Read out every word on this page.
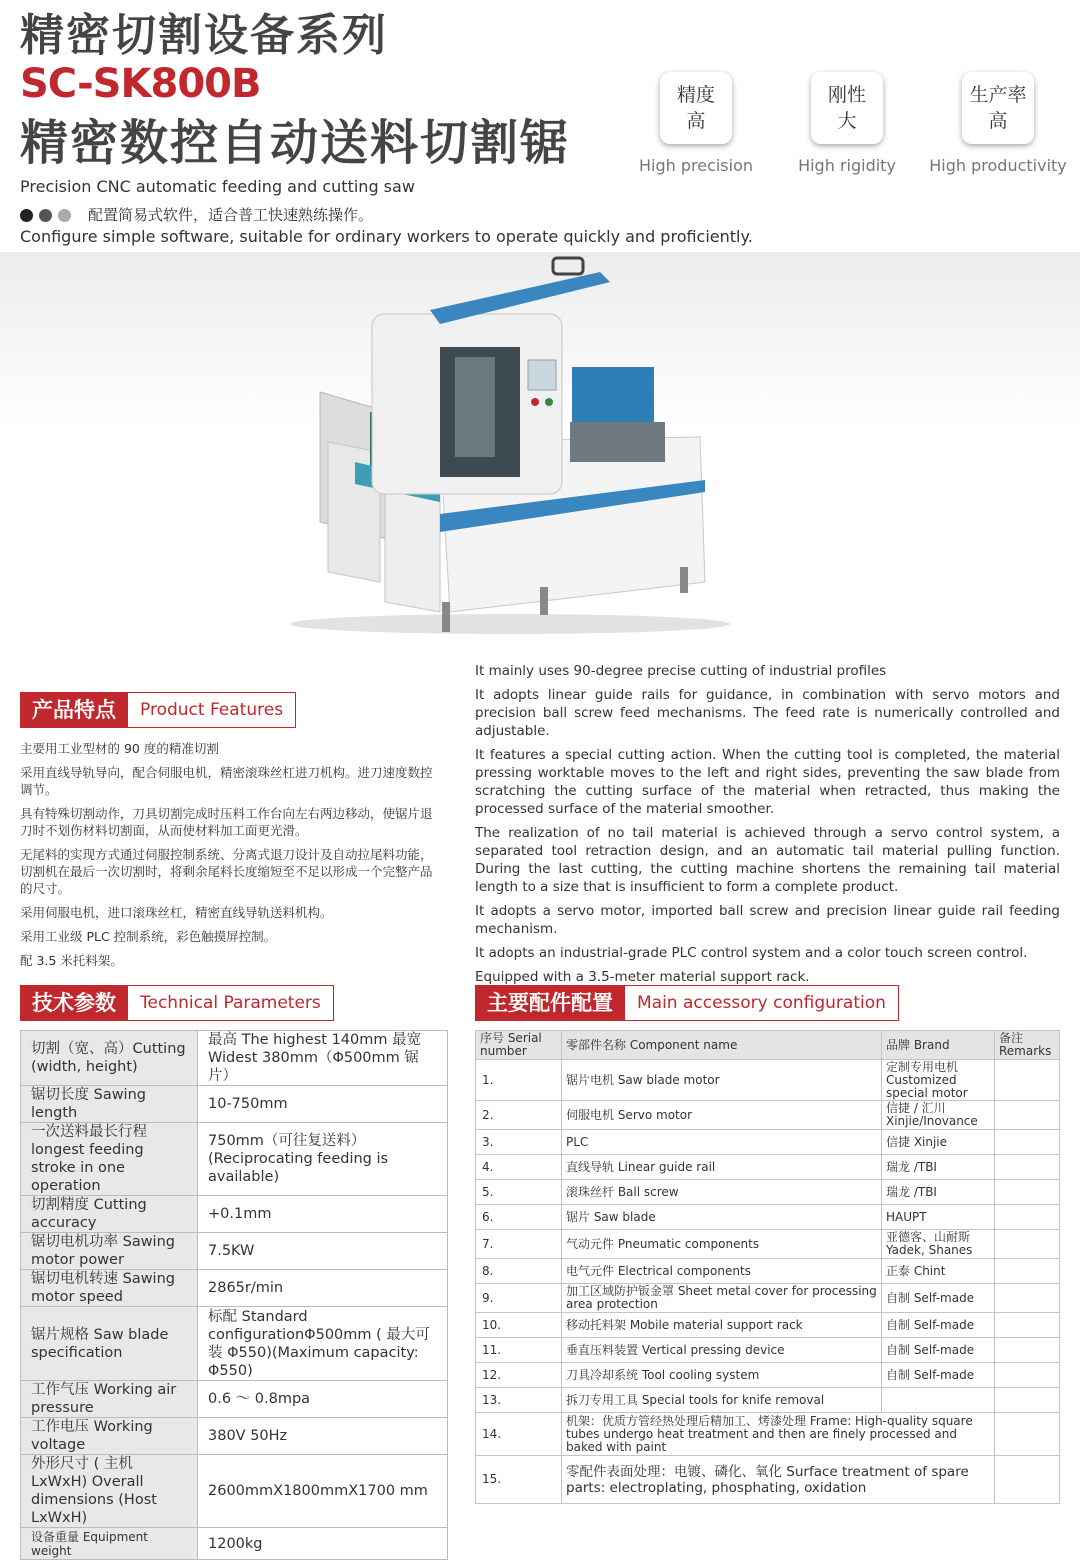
精密切割设备系列
SC-SK800B
精密数控自动送料切割锯
Precision CNC automatic feeding and cutting saw
配置简易式软件，适合普工快速熟练操作。
Configure simple software, suitable for ordinary workers to operate quickly and proficiently.
精度
高
High precision
刚性
大
High rigidity
生产率
高
High productivity
产品特点	Product Features

主要用工业型材的 90 度的精准切割

采用直线导轨导向，配合伺服电机，精密滚珠丝杠进刀机构。进刀速度数控调节。

具有特殊切割动作，刀具切割完成时压料工作台向左右两边移动，使锯片退刀时不划伤材料切割面，从而使材料加工面更光滑。

无尾料的实现方式通过伺服控制系统、分离式退刀设计及自动拉尾料功能，切割机在最后一次切割时，将剩余尾料长度缩短至不足以形成一个完整产品的尺寸。

采用伺服电机，进口滚珠丝杠，精密直线导轨送料机构。

采用工业级 PLC 控制系统，彩色触摸屏控制。

配 3.5 米托料架。

It mainly uses 90-degree precise cutting of industrial profiles

It adopts linear guide rails for guidance, in combination with servo motors and precision ball screw feed mechanisms. The feed rate is numerically controlled and adjustable.

It features a special cutting action. When the cutting tool is completed, the material pressing worktable moves to the left and right sides, preventing the saw blade from scratching the cutting surface of the material when retracted, thus making the processed surface of the material smoother.

The realization of no tail material is achieved through a servo control system, a separated tool retraction design, and an automatic tail material pulling function. During the last cutting, the cutting machine shortens the remaining tail material length to a size that is insufficient to form a complete product.

It adopts a servo motor, imported ball screw and precision linear guide rail feeding mechanism.

It adopts an industrial-grade PLC control system and a color touch screen control.

Equipped with a 3.5-meter material support rack.

技术参数	Technical Parameters
切割（宽、高）Cutting (width, height)	最高 The highest 140mm 最宽 Widest 380mm（Φ500mm 锯片）
锯切长度 Sawing length	10-750mm
一次送料最长行程 longest feeding stroke in one operation	750mm（可往复送料）(Reciprocating feeding is available)
切割精度 Cutting accuracy	+0.1mm
锯切电机功率 Sawing motor power	7.5KW
锯切电机转速 Sawing motor speed	2865r/min
锯片规格 Saw blade specification	标配 Standard configurationΦ500mm ( 最大可装 Φ550)(Maximum capacity: Φ550)
工作气压 Working air pressure	0.6 ～ 0.8mpa
工作电压 Working voltage	380V 50Hz
外形尺寸 ( 主机 LxWxH) Overall dimensions (Host LxWxH)	2600mmX1800mmX1700 mm
设备重量 Equipment weight	1200kg
主要配件配置	Main accessory configuration
序号 Serial number	零部件名称 Component name	品牌 Brand	备注 Remarks
1.	锯片电机 Saw blade motor	定制专用电机 Customized special motor	
2.	伺服电机 Servo motor	信捷 / 汇川 Xinjie/Inovance	
3.	PLC	信捷 Xinjie	
4.	直线导轨 Linear guide rail	瑞龙 /TBI	
5.	滚珠丝杆 Ball screw	瑞龙 /TBI	
6.	锯片 Saw blade	HAUPT	
7.	气动元件 Pneumatic components	亚德客、山耐斯 Yadek, Shanes	
8.	电气元件 Electrical components	正泰 Chint	
9.	加工区域防护钣金罩 Sheet metal cover for processing area protection	自制 Self-made	
10.	移动托料架 Mobile material support rack	自制 Self-made	
11.	垂直压料装置 Vertical pressing device	自制 Self-made	
12.	刀具冷却系统 Tool cooling system	自制 Self-made	
13.	拆刀专用工具 Special tools for knife removal		
14.	机架：优质方管经热处理后精加工、烤漆处理 Frame: High-quality square tubes undergo heat treatment and then are finely processed and baked with paint		
15.	零配件表面处理：电镀、磷化、氧化 Surface treatment of spare parts: electroplating, phosphating, oxidation		
